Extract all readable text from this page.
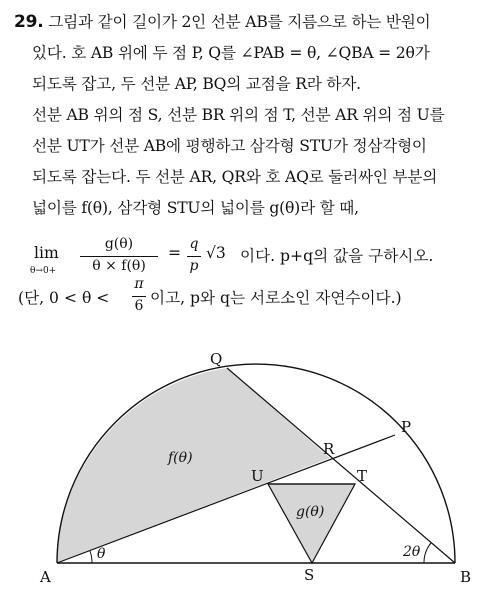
29. 그림과 같이 길이가 2인 선분 AB를 지름으로 하는 반원이
있다. 호 AB 위에 두 점 P, Q를 ∠PAB = θ, ∠QBA = 2θ가
되도록 잡고, 두 선분 AP, BQ의 교점을 R라 하자.
선분 AB 위의 점 S, 선분 BR 위의 점 T, 선분 AR 위의 점 U를
선분 UT가 선분 AB에 평행하고 삼각형 STU가 정삼각형이
되도록 잡는다. 두 선분 AR, QR와 호 AQ로 둘러싸인 부분의
넓이를 f(θ), 삼각형 STU의 넓이를 g(θ)라 할 때,
lim
θ→0+
g(θ)
θ × f(θ)
= q
p
√3 이다. p+q의 값을 구하시오.
(단, 0 < θ <
π
6 이고, p와 q는 서로소인 자연수이다.)
A	B
P
Q
R
S
T
U
f(θ)
g(θ)
θ	2θ
